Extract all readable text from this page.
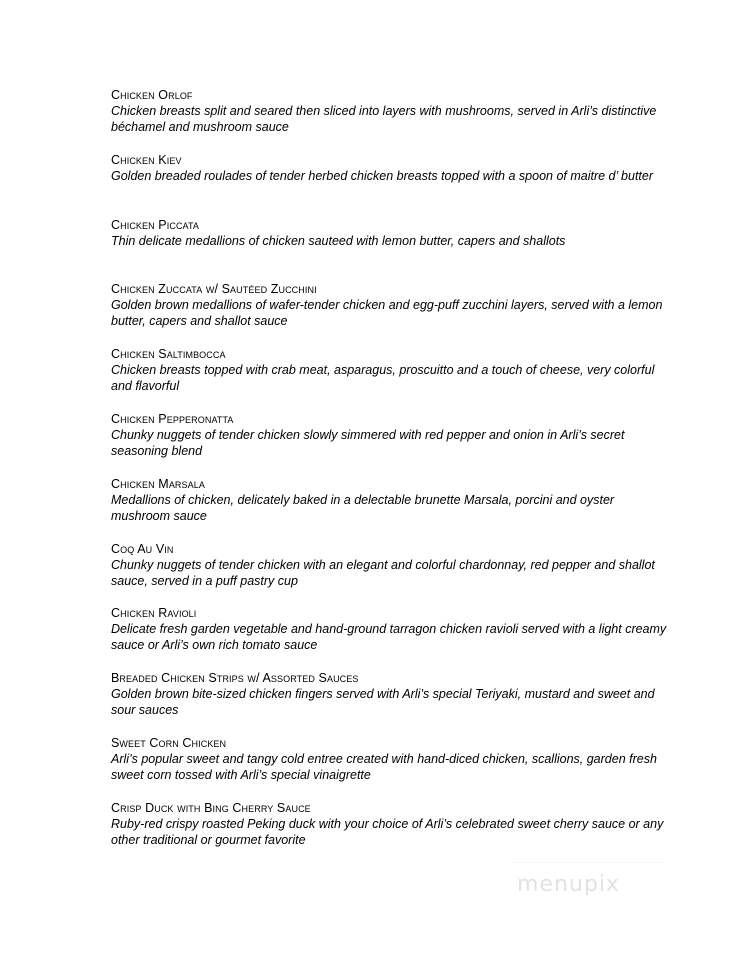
Chicken Orlof

Chicken breasts split and seared then sliced into layers with mushrooms, served in Arli’s distinctive béchamel and mushroom sauce

Chicken Kiev

Golden breaded roulades of tender herbed chicken breasts topped with a spoon of maitre d’ butter

Chicken Piccata

Thin delicate medallions of chicken sauteed with lemon butter, capers and shallots

Chicken Zuccata w/ Sautéed Zucchini

Golden brown medallions of wafer-tender chicken and egg-puff zucchini layers, served with a lemon butter, capers and shallot sauce

Chicken Saltimbocca

Chicken breasts topped with crab meat, asparagus, proscuitto and a touch of cheese, very colorful and flavorful

Chicken Pepperonatta

Chunky nuggets of tender chicken slowly simmered with red pepper and onion in Arli’s secret seasoning blend

Chicken Marsala

Medallions of chicken, delicately baked in a delectable brunette Marsala, porcini and oyster mushroom sauce

Coq Au Vin

Chunky nuggets of tender chicken with an elegant and colorful chardonnay, red pepper and shallot sauce, served in a puff pastry cup

Chicken Ravioli

Delicate fresh garden vegetable and hand-ground tarragon chicken ravioli served with a light creamy sauce or Arli’s own rich tomato sauce

Breaded Chicken Strips w/ Assorted Sauces

Golden brown bite-sized chicken fingers served with Arli’s special Teriyaki, mustard and sweet and sour sauces

Sweet Corn Chicken

Arli’s popular sweet and tangy cold entree created with hand-diced chicken, scallions, garden fresh sweet corn tossed with Arli’s special vinaigrette

Crisp Duck with Bing Cherry Sauce

Ruby-red crispy roasted Peking duck with your choice of Arli’s celebrated sweet cherry sauce or any other traditional or gourmet favorite

menupix
